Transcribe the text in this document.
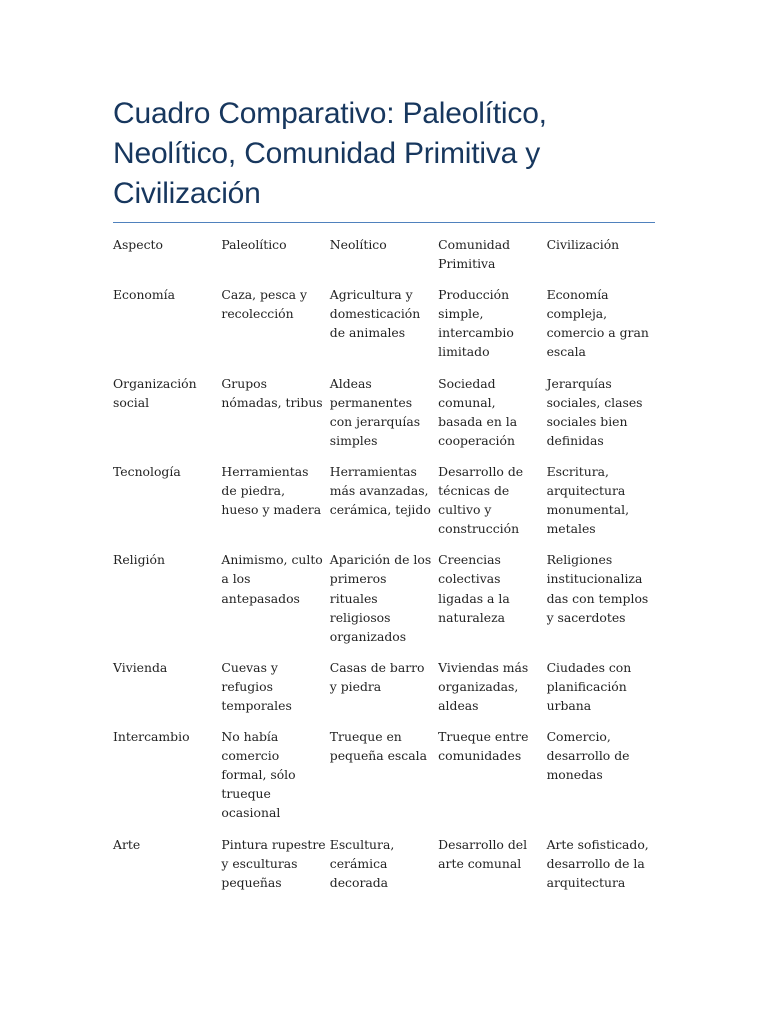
Cuadro Comparativo: Paleolítico, Neolítico, Comunidad Primitiva y Civilización
Aspecto	Paleolítico	Neolítico	Comunidad Primitiva	Civilización

Economía	Caza, pesca y recolección	Agricultura y domesticación de animales	Producción simple, intercambio limitado	Economía compleja, comercio a gran escala

Organización social	Grupos nómadas, tribus	Aldeas permanentes con jerarquías simples	Sociedad comunal, basada en la cooperación	Jerarquías sociales, clases sociales bien definidas

Tecnología	Herramientas de piedra, hueso y madera	Herramientas más avanzadas, cerámica, tejido	Desarrollo de técnicas de cultivo y construcción	Escritura, arquitectura monumental, metales

Religión	Animismo, culto a los antepasados	Aparición de los primeros rituales religiosos organizados	Creencias colectivas ligadas a la naturaleza	Religiones institucionaliza das con templos y sacerdotes

Vivienda	Cuevas y refugios temporales	Casas de barro y piedra	Viviendas más organizadas, aldeas	Ciudades con planificación urbana

Intercambio	No había comercio formal, sólo trueque ocasional	Trueque en pequeña escala	Trueque entre comunidades	Comercio, desarrollo de monedas

Arte	Pintura rupestre y esculturas pequeñas	Escultura, cerámica decorada	Desarrollo del arte comunal	Arte sofisticado, desarrollo de la arquitectura
